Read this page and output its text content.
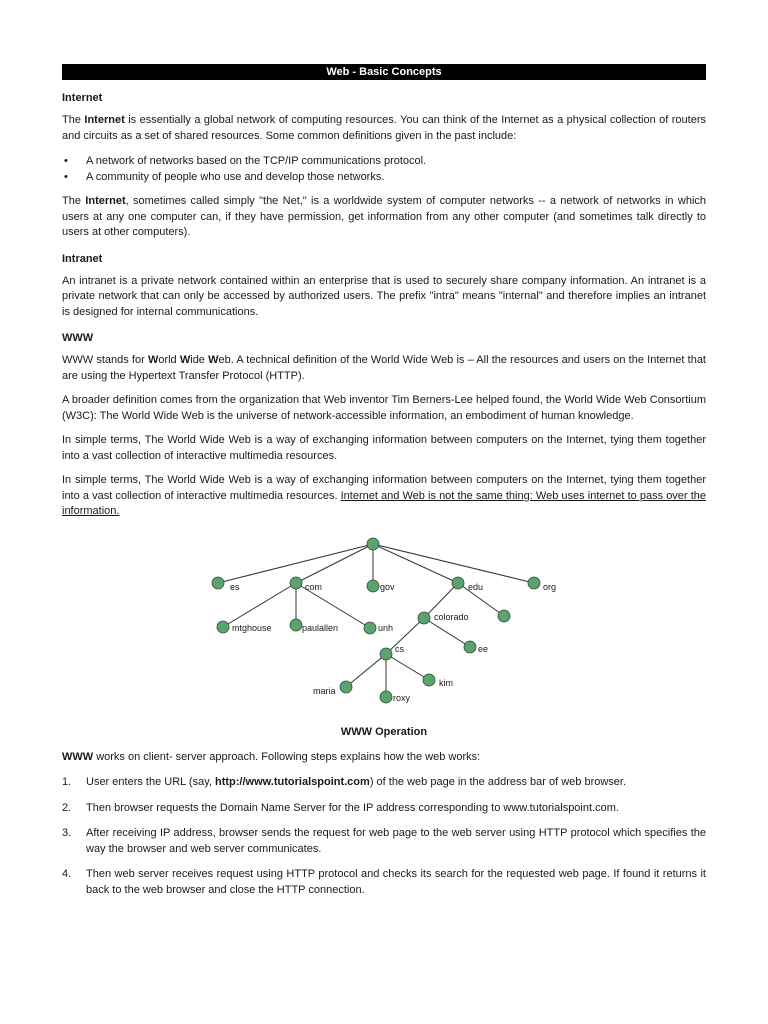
Web - Basic Concepts
Internet

The Internet is essentially a global network of computing resources. You can think of the Internet as a physical collection of routers and circuits as a set of shared resources. Some common definitions given in the past include:

• A network of networks based on the TCP/IP communications protocol.
• A community of people who use and develop those networks.

The Internet, sometimes called simply "the Net," is a worldwide system of computer networks -- a network of networks in which users at any one computer can, if they have permission, get information from any other computer (and sometimes talk directly to users at other computers).

Intranet

An intranet is a private network contained within an enterprise that is used to securely share company information. An intranet is a private network that can only be accessed by authorized users. The prefix "intra" means "internal" and therefore implies an intranet is designed for internal communications.

WWW

WWW stands for World Wide Web. A technical definition of the World Wide Web is – All the resources and users on the Internet that are using the Hypertext Transfer Protocol (HTTP).

A broader definition comes from the organization that Web inventor Tim Berners-Lee helped found, the World Wide Web Consortium (W3C): The World Wide Web is the universe of network-accessible information, an embodiment of human knowledge.

In simple terms, The World Wide Web is a way of exchanging information between computers on the Internet, tying them together into a vast collection of interactive multimedia resources.

In simple terms, The World Wide Web is a way of exchanging information between computers on the Internet, tying them together into a vast collection of interactive multimedia resources. Internet and Web is not the same thing: Web uses internet to pass over the information.

es	com	gov	edu	org
mtghouse	paulallen	unh
colorado
cs	ee
maria
roxy
kim
WWW Operation

WWW works on client- server approach. Following steps explains how the web works:

1. User enters the URL (say, http://www.tutorialspoint.com) of the web page in the address bar of web browser.
2. Then browser requests the Domain Name Server for the IP address corresponding to www.tutorialspoint.com.
3. After receiving IP address, browser sends the request for web page to the web server using HTTP protocol which specifies the way the browser and web server communicates.
4. Then web server receives request using HTTP protocol and checks its search for the requested web page. If found it returns it back to the web browser and close the HTTP connection.
